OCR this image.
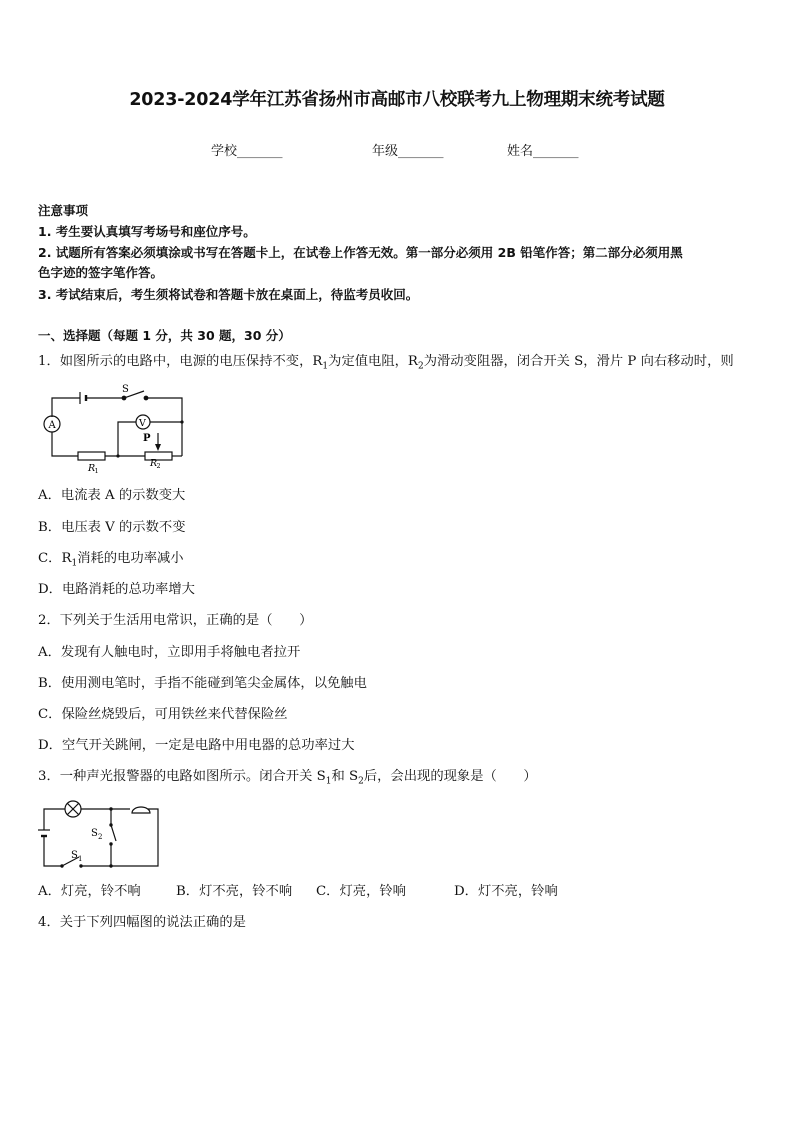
2023-2024学年江苏省扬州市高邮市八校联考九上物理期末统考试题
学校_______	年级_______	姓名_______
注意事项
1. 考生要认真填写考场号和座位序号。
2. 试题所有答案必须填涂或书写在答题卡上，在试卷上作答无效。第一部分必须用 2B 铅笔作答；第二部分必须用黑
色字迹的签字笔作答。
3. 考试结束后，考生须将试卷和答题卡放在桌面上，待监考员收回。
一、选择题（每题 1 分，共 30 题，30 分）
1．如图所示的电路中，电源的电压保持不变，$R_1$为定值电阻，$R_2$为滑动变阻器，闭合开关 S，滑片 P 向右移动时，则
S
A	V
P
R 1
R 2
A．电流表 A 的示数变大
B．电压表 V 的示数不变
C．$R_1$消耗的电功率减小
D．电路消耗的总功率增大
2．下列关于生活用电常识，正确的是（　　）
A．发现有人触电时，立即用手将触电者拉开
B．使用测电笔时，手指不能碰到笔尖金属体，以免触电
C．保险丝烧毁后，可用铁丝来代替保险丝
D．空气开关跳闸，一定是电路中用电器的总功率过大
3．一种声光报警器的电路如图所示。闭合开关 $S_1$和 $S_2$后，会出现的现象是（　　）
S 2
S 1
A．灯亮，铃不响	B．灯不亮，铃不响 C．灯亮，铃响	D．灯不亮，铃响
4．关于下列四幅图的说法正确的是
